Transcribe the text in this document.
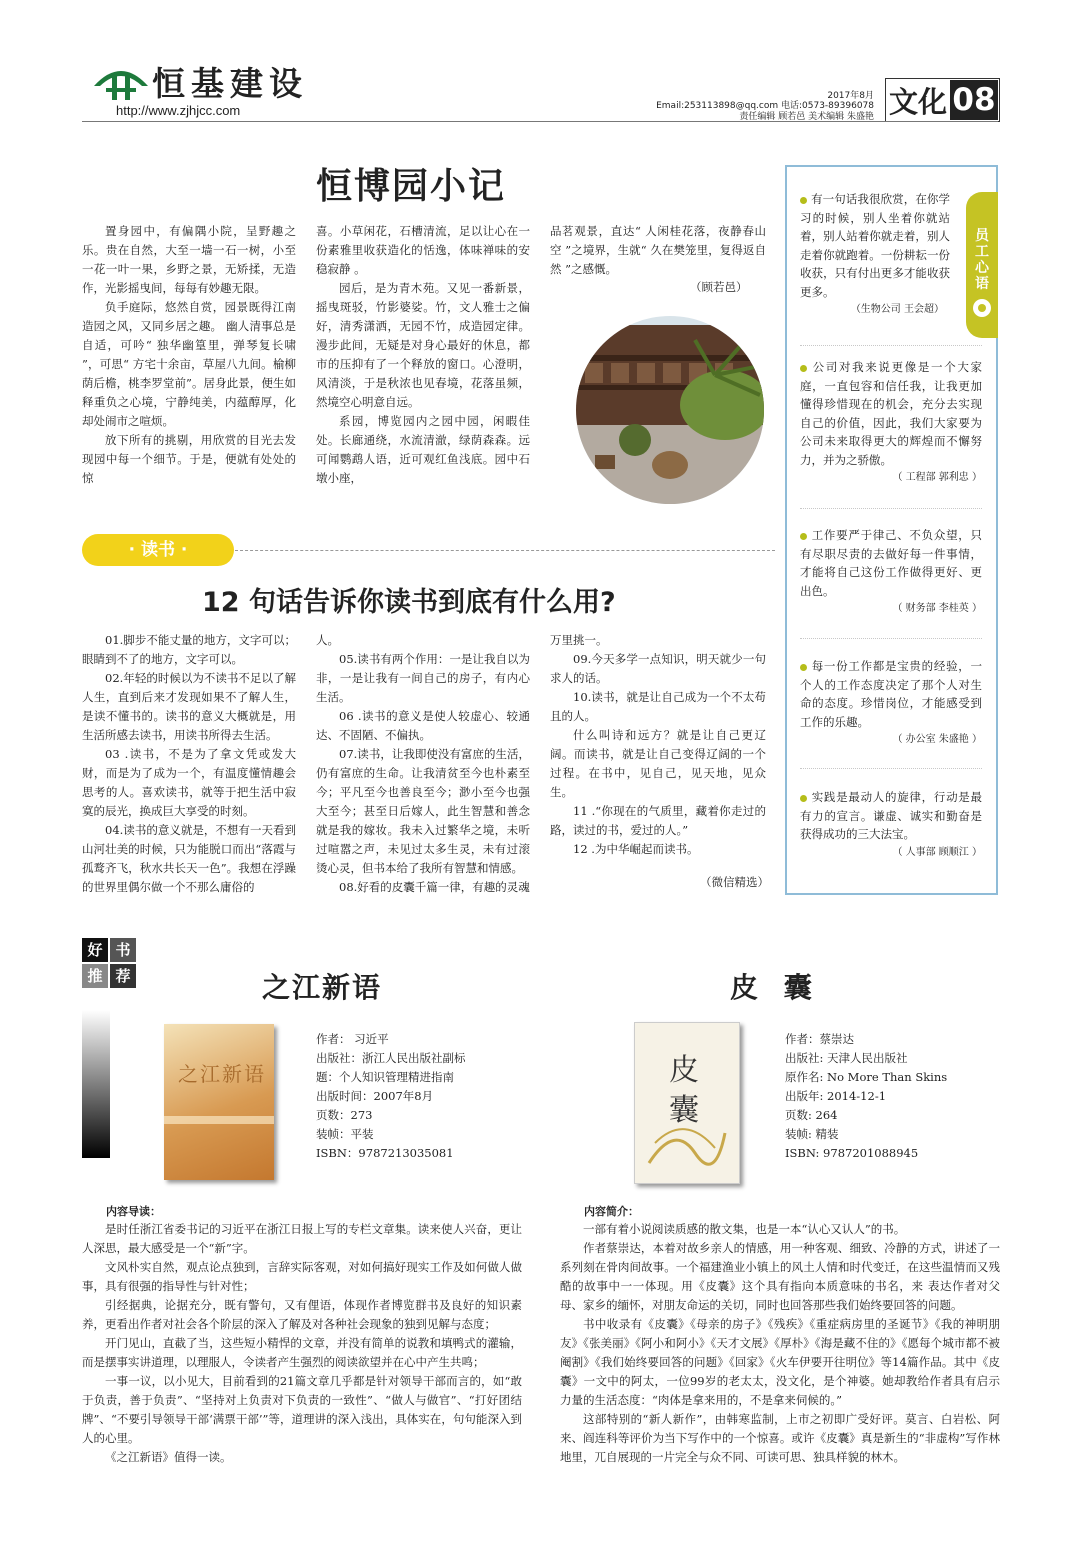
恒基建设
http://www.zjhjcc.com
2017年8月
Email:253113898@qq.com 电话:0573-89396078
责任编辑 顾若邑 美术编辑 朱盛艳 文化 08
恒博园小记

置身园中，有偏隅小院，呈野趣之乐。贵在自然，大至一墙一石一树，小至一花一叶一果，乡野之景，无矫揉，无造作，光影摇曳间，每每有妙趣无限。

负手庭际，悠然自赏，园景既得江南造园之风，又同乡居之趣。 幽人清事总是自适，可吟“ 独华幽篁里，弹琴复长啸 ”，可思“ 方宅十余亩，草屋八九间。榆柳荫后檐，桃李罗堂前”。居身此景，便生如释重负之心境，宁静纯美，内蕴醇厚，化却处闹市之喧烦。

放下所有的挑剔，用欣赏的目光去发现园中每一个细节。于是，便就有处处的惊

喜。小草闲花，石槽清流，足以让心在一份素雅里收获造化的恬逸，体味禅味的安稳寂静 。

园后，是为青木苑。又见一番新景，摇曳斑驳，竹影婆娑。竹，文人雅士之偏好，清秀潇洒，无园不竹，成造园定律。漫步此间，无疑是对身心最好的休息，都市的压抑有了一个释放的窗口。心澄明，风清淡，于是秋浓也见春境，花落虽频，然境空心明意自远。

系园，博览园内之园中园，闲暇佳处。长廊通绕，水流清澈，绿荫森森。远可闻鹦鹉人语，近可观红鱼浅底。园中石墩小座，

品茗观景，直达“ 人闲桂花落，夜静春山空 ”之境界，生就“ 久在樊笼里，复得返自然 ”之感慨。

（顾若邑）
员工心语
有一句话我很欣赏，在你学习的时候，别人坐着你就站着，别人站着你就走着，别人走着你就跑着。一份耕耘一份收获，只有付出更多才能收获更多。
（生物公司 王会超）
公司对我来说更像是一个大家庭，一直包容和信任我，让我更加懂得珍惜现在的机会，充分去实现自己的价值，因此，我们大家要为公司未来取得更大的辉煌而不懈努力，并为之骄傲。
（ 工程部 郭利忠 ）
工作要严于律己、不负众望，只有尽职尽责的去做好每一件事情，才能将自己这份工作做得更好、更出色。
（ 财务部 李桂英 ）
每一份工作都是宝贵的经验，一个人的工作态度决定了那个人对生命的态度。珍惜岗位，才能感受到工作的乐趣。
（ 办公室 朱盛艳 ）
实践是最动人的旋律，行动是最有力的宣言。谦虚、诚实和勤奋是获得成功的三大法宝。
（ 人事部 顾顺江 ）
· 读书 ·
12 句话告诉你读书到底有什么用?

01.脚步不能丈量的地方，文字可以；眼睛到不了的地方，文字可以。

02.年轻的时候以为不读书不足以了解人生，直到后来才发现如果不了解人生，是读不懂书的。读书的意义大概就是，用生活所感去读书，用读书所得去生活。

03 .读书，不是为了拿文凭或发大财，而是为了成为一个，有温度懂情趣会思考的人。喜欢读书，就等于把生活中寂寞的辰光，换成巨大享受的时刻。

04.读书的意义就是，不想有一天看到山河壮美的时候，只为能脱口而出“落霞与孤鹜齐飞，秋水共长天一色”。我想在浮躁的世界里偶尔做一个不那么庸俗的

人。

05.读书有两个作用：一是让我自以为非，一是让我有一间自己的房子，有内心生活。

06 .读书的意义是使人较虚心、较通达、不固陋、不偏执。

07.读书，让我即使没有富庶的生活，仍有富庶的生命。让我清贫至今也朴素至今；平凡至今也善良至今；渺小至今也强大至今；甚至日后嫁人，此生智慧和善念就是我的嫁妆。我未入过繁华之境，未听过喧嚣之声，未见过太多生灵，未有过滚烫心灵，但书本给了我所有智慧和情感。

08.好看的皮囊千篇一律，有趣的灵魂

万里挑一。

09.今天多学一点知识，明天就少一句求人的话。

10.读书，就是让自己成为一个不太苟且的人。

什么叫诗和远方？就是让自己更辽阔。而读书，就是让自己变得辽阔的一个过程。在书中，见自己，见天地，见众生。

11 .“你现在的气质里，藏着你走过的路，读过的书，爱过的人。”

12 .为中华崛起而读书。

（微信精选）
好 书
推 荐	之江新语
之江新语
作者： 习近平
出版社：浙江人民出版社副标
题：个人知识管理精进指南
出版时间：2007年8月
页数：273
装帧：平装
ISBN：9787213035081
内容导读：

是时任浙江省委书记的习近平在浙江日报上写的专栏文章集。读来使人兴奋，更让人深思，最大感受是一个“新”字。

文风朴实自然，观点论点独到，言辞实际客观，对如何搞好现实工作及如何做人做事，具有很强的指导性与针对性；

引经据典，论据充分，既有警句，又有俚语，体现作者博览群书及良好的知识素养，更看出作者对社会各个阶层的深入了解及对各种社会现象的独到见解与态度；

开门见山，直截了当，这些短小精悍的文章，并没有简单的说教和填鸭式的灌输，而是摆事实讲道理，以理服人，令读者产生强烈的阅读欲望并在心中产生共鸣；

一事一议，以小见大，目前看到的21篇文章几乎都是针对领导干部而言的，如“敢于负责，善于负责”、“坚持对上负责对下负责的一致性”、“做人与做官”、“打好团结牌”、“不要引导领导干部‘满票干部’”等，道理讲的深入浅出，具体实在，句句能深入到人的心里。

《之江新语》值得一读。

皮 囊
皮囊
作者：蔡崇达
出版社: 天津人民出版社
原作名: No More Than Skins
出版年: 2014-12-1
页数: 264
装帧: 精装
ISBN: 9787201088945
内容简介：

一部有着小说阅读质感的散文集，也是一本“认心又认人”的书。

作者蔡崇达，本着对故乡亲人的情感，用一种客观、细致、冷静的方式，讲述了一系列刻在骨肉间故事。一个福建渔业小镇上的风土人情和时代变迁，在这些温情而又残酷的故事中一一体现。用《皮囊》这个具有指向本质意味的书名，来 表达作者对父母、家乡的缅怀，对朋友命运的关切，同时也回答那些我们始终要回答的问题。

书中收录有《皮囊》《母亲的房子》《残疾》《重症病房里的圣诞节》《我的神明朋友》《张美丽》《阿小和阿小》《天才文展》《厚朴》《海是藏不住的》《愿每个城市都不被阉割》《我们始终要回答的问题》《回家》《火车伊要开往明位》等14篇作品。其中《皮囊》一文中的阿太，一位99岁的老太太，没文化，是个神婆。她却教给作者具有启示力量的生活态度：“肉体是拿来用的，不是拿来伺候的。”

这部特别的“新人新作”，由韩寒监制，上市之初即广受好评。莫言、白岩松、阿来、阎连科等评价为当下写作中的一个惊喜。或许《皮囊》真是新生的“非虚构”写作林地里，兀自展现的一片完全与众不同、可读可思、独具样貌的林木。
